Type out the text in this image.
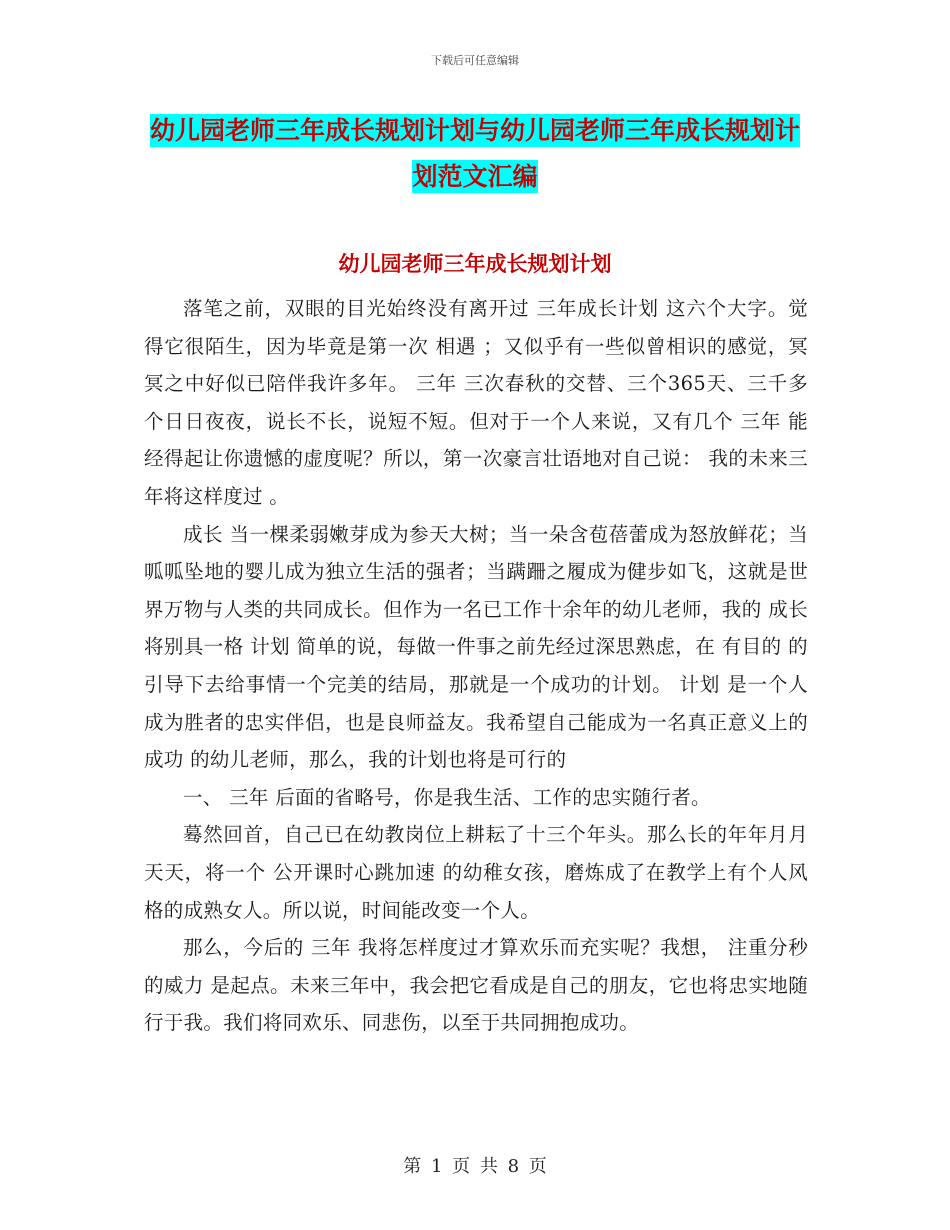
下载后可任意编辑
幼儿园老师三年成长规划计划与幼儿园老师三年成长规划计划范文汇编
幼儿园老师三年成长规划计划

落笔之前，双眼的目光始终没有离开过 三年成长计划 这六个大字。觉得它很陌生，因为毕竟是第一次 相遇 ；又似乎有一些似曾相识的感觉，冥冥之中好似已陪伴我许多年。 三年 三次春秋的交替、三个365天、三千多个日日夜夜，说长不长，说短不短。但对于一个人来说，又有几个 三年 能经得起让你遗憾的虚度呢？所以，第一次豪言壮语地对自己说： 我的未来三年将这样度过 。

成长 当一棵柔弱嫩芽成为参天大树；当一朵含苞蓓蕾成为怒放鲜花；当呱呱坠地的婴儿成为独立生活的强者；当蹒跚之履成为健步如飞，这就是世界万物与人类的共同成长。但作为一名已工作十余年的幼儿老师，我的 成长 将别具一格 计划 简单的说，每做一件事之前先经过深思熟虑，在 有目的 的引导下去给事情一个完美的结局，那就是一个成功的计划。 计划 是一个人成为胜者的忠实伴侣，也是良师益友。我希望自己能成为一名真正意义上的 成功 的幼儿老师，那么，我的计划也将是可行的

一、 三年 后面的省略号，你是我生活、工作的忠实随行者。

蓦然回首，自己已在幼教岗位上耕耘了十三个年头。那么长的年年月月天天，将一个 公开课时心跳加速 的幼稚女孩，磨炼成了在教学上有个人风格的成熟女人。所以说，时间能改变一个人。

那么，今后的 三年 我将怎样度过才算欢乐而充实呢？我想， 注重分秒的威力 是起点。未来三年中，我会把它看成是自己的朋友，它也将忠实地随行于我。我们将同欢乐、同悲伤，以至于共同拥抱成功。

第 1 页 共 8 页
